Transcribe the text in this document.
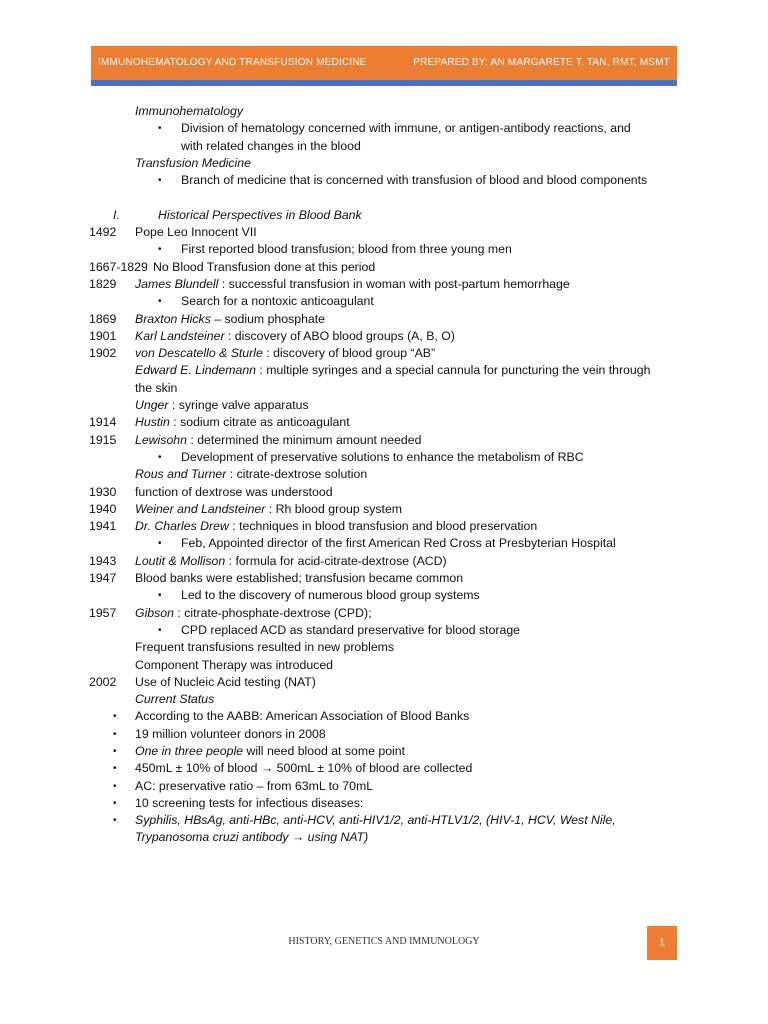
IMMUNOHEMATOLOGY AND TRANSFUSION MEDICINE	PREPARED BY: AN MARGARETE T. TAN, RMT, MSMT
Immunohematology
• Division of hematology concerned with immune, or antigen-antibody reactions, and
with related changes in the blood
Transfusion Medicine
• Branch of medicine that is concerned with transfusion of blood and blood components
I.	Historical Perspectives in Blood Bank
1492 Pope Leo Innocent VII
• First reported blood transfusion; blood from three young men
1667-1829 No Blood Transfusion done at this period
1829 James Blundell : successful transfusion in woman with post-partum hemorrhage
• Search for a nontoxic anticoagulant
1869 Braxton Hicks – sodium phosphate
1901 Karl Landsteiner : discovery of ABO blood groups (A, B, O)
1902 von Descatello & Sturle : discovery of blood group “AB”
Edward E. Lindemann : multiple syringes and a special cannula for puncturing the vein through
the skin
Unger : syringe valve apparatus
1914 Hustin : sodium citrate as anticoagulant
1915 Lewisohn : determined the minimum amount needed
• Development of preservative solutions to enhance the metabolism of RBC
Rous and Turner : citrate-dextrose solution
1930 function of dextrose was understood
1940 Weiner and Landsteiner : Rh blood group system
1941 Dr. Charles Drew : techniques in blood transfusion and blood preservation
• Feb, Appointed director of the first American Red Cross at Presbyterian Hospital
1943 Loutit & Mollison : formula for acid-citrate-dextrose (ACD)
1947 Blood banks were established; transfusion became common
• Led to the discovery of numerous blood group systems
1957 Gibson : citrate-phosphate-dextrose (CPD);
• CPD replaced ACD as standard preservative for blood storage
Frequent transfusions resulted in new problems
Component Therapy was introduced
2002 Use of Nucleic Acid testing (NAT)
Current Status
• According to the AABB: American Association of Blood Banks
• 19 million volunteer donors in 2008
• One in three people will need blood at some point
• 450mL ± 10% of blood → 500mL ± 10% of blood are collected
• AC: preservative ratio – from 63mL to 70mL
• 10 screening tests for infectious diseases:
• Syphilis, HBsAg, anti-HBc, anti-HCV, anti-HIV1/2, anti-HTLV1/2, (HIV-1, HCV, West Nile,
Trypanosoma cruzi antibody → using NAT)
HISTORY, GENETICS AND IMMUNOLOGY	1
